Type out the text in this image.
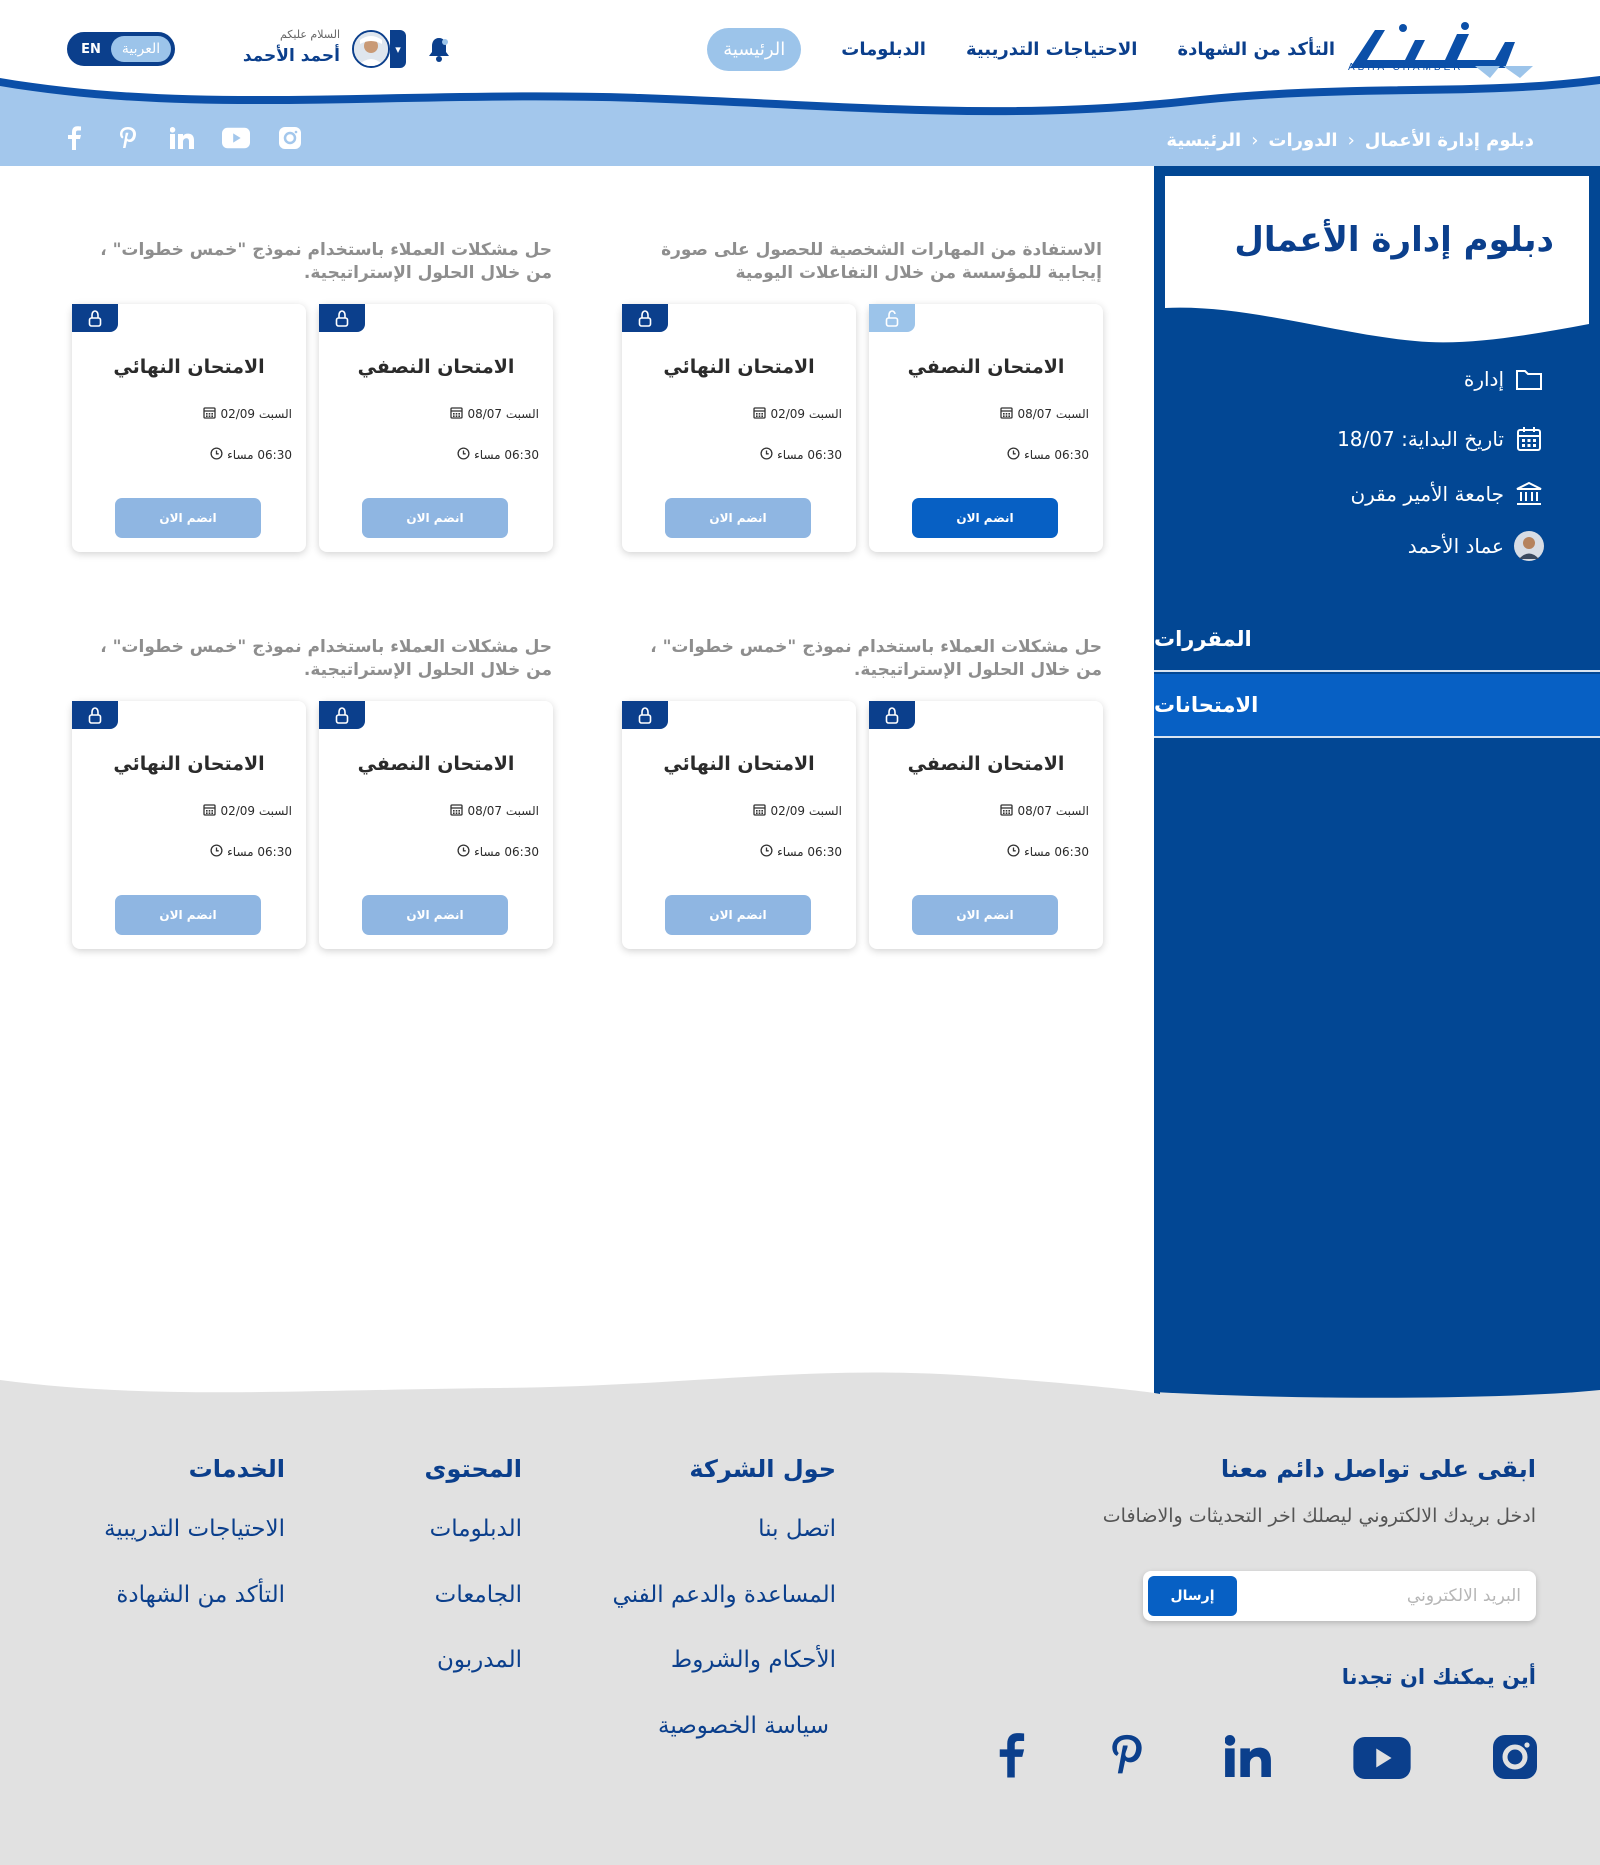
ABHA CHAMBER
الرئيسية	الدبلومات الاحتياجات التدريبية التأكد من الشهادة
▾
السلام عليكم
أحمد الأحمد
EN	العربية
الرئيسية ‹ الدورات ‹ دبلوم إدارة الأعمال
دبلوم إدارة الأعمال
إدارة
تاريخ البداية: 18/07
جامعة الأمير مقرن
عماد الأحمد
المقررات
الامتحانات
الاستفادة من المهارات الشخصية للحصول على صورة إيجابية للمؤسسة من خلال التفاعلات اليومية
حل مشكلات العملاء باستخدام نموذج "خمس خطوات" ، من خلال الحلول الإستراتيجية.
حل مشكلات العملاء باستخدام نموذج "خمس خطوات" ، من خلال الحلول الإستراتيجية.
حل مشكلات العملاء باستخدام نموذج "خمس خطوات" ، من خلال الحلول الإستراتيجية.
الامتحان النصفي
السبت 08/07
06:30 مساء
انضم الان
الامتحان النهائي
السبت 02/09
06:30 مساء
انضم الان
الامتحان النصفي
السبت 08/07
06:30 مساء
انضم الان
الامتحان النهائي
السبت 02/09
06:30 مساء
انضم الان
الامتحان النصفي
السبت 08/07
06:30 مساء
انضم الان
الامتحان النهائي
السبت 02/09
06:30 مساء
انضم الان
الامتحان النصفي
السبت 08/07
06:30 مساء
انضم الان
الامتحان النهائي
السبت 02/09
06:30 مساء
انضم الان
ابقى على تواصل دائم معنا
ادخل بريدك الالكتروني ليصلك اخر التحديثات والاضافات
البريد الالكتروني
إرسال
أين يمكنك ان تجدنا
حول الشركة
اتصل بنا
المساعدة والدعم الفني
الأحكام والشروط
سياسة الخصوصية
المحتوى
الدبلومات
الجامعات
المدربون
الخدمات
الاحتياجات التدريبية
التأكد من الشهادة
